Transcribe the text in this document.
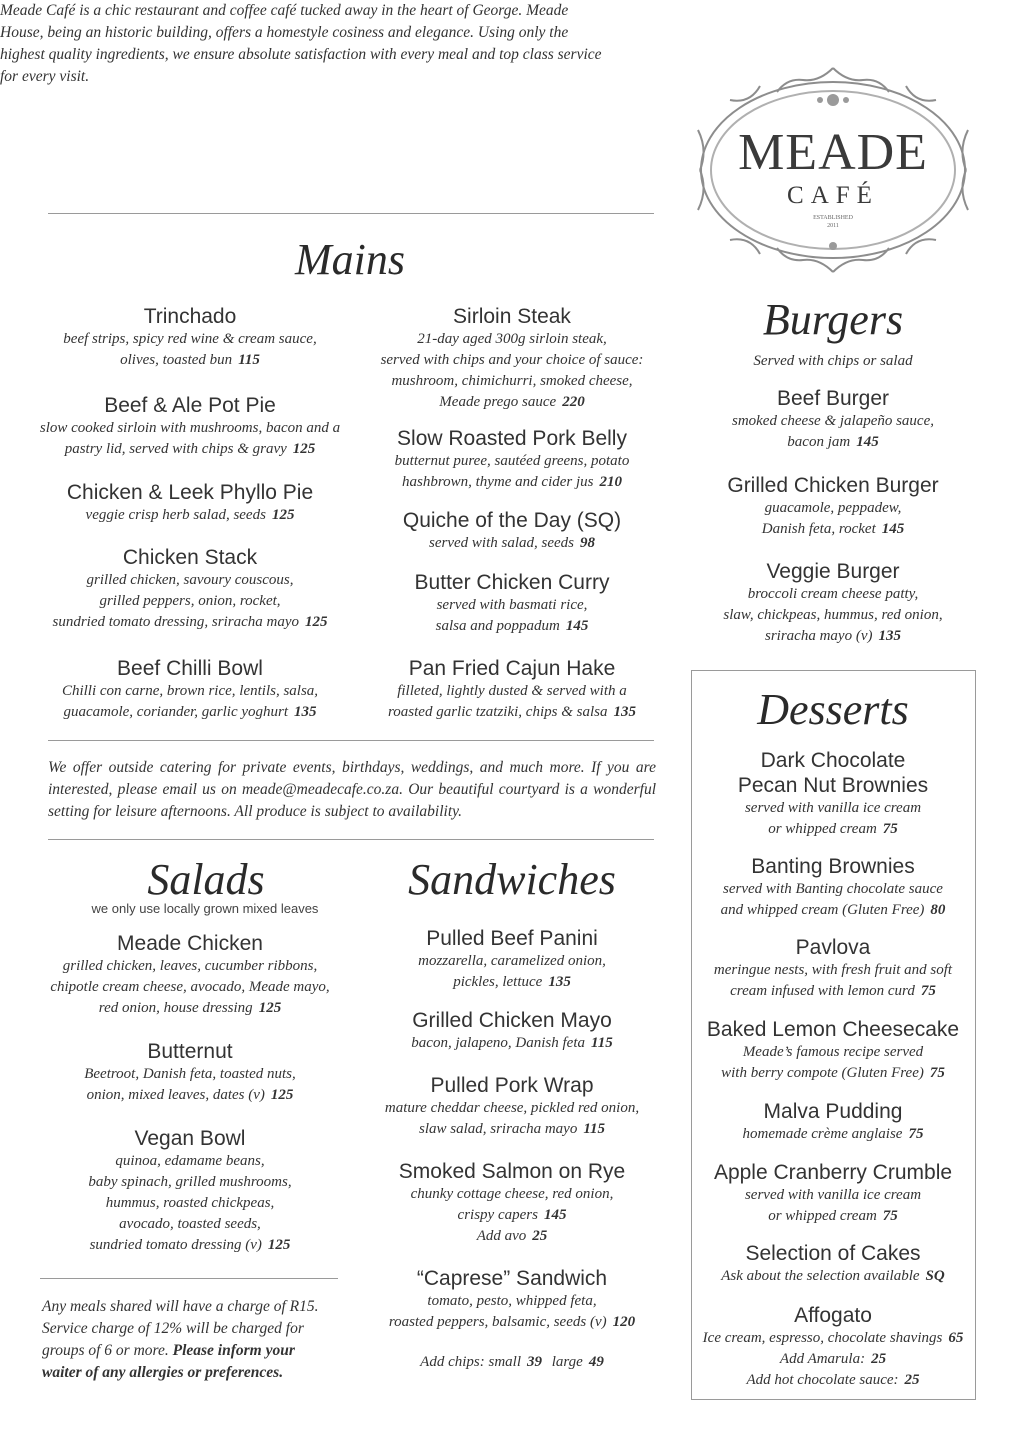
MEADE
CAFÉ
ESTABLISHED
2011
Meade Café is a chic restaurant and coffee café tucked away in the heart of George. Meade House, being an historic building, offers a homestyle cosiness and elegance. Using only the highest quality ingredients, we ensure absolute satisfaction with every meal and top class service for every visit.
Mains
Burgers
Served with chips or salad
Trinchado
beef strips, spicy red wine & cream sauce,
olives, toasted bun 115
Beef & Ale Pot Pie
slow cooked sirloin with mushrooms, bacon and a
pastry lid, served with chips & gravy 125
Chicken & Leek Phyllo Pie
veggie crisp herb salad, seeds 125
Chicken Stack
grilled chicken, savoury couscous,
grilled peppers, onion, rocket,
sundried tomato dressing, sriracha mayo 125
Beef Chilli Bowl
Chilli con carne, brown rice, lentils, salsa,
guacamole, coriander, garlic yoghurt 135
Sirloin Steak
21-day aged 300g sirloin steak,
served with chips and your choice of sauce:
mushroom, chimichurri, smoked cheese,
Meade prego sauce 220
Slow Roasted Pork Belly
butternut puree, sautéed greens, potato
hashbrown, thyme and cider jus 210
Quiche of the Day (SQ)
served with salad, seeds 98
Butter Chicken Curry
served with basmati rice,
salsa and poppadum 145
Pan Fried Cajun Hake
filleted, lightly dusted & served with a
roasted garlic tzatziki, chips & salsa 135
Beef Burger
smoked cheese & jalapeño sauce,
bacon jam 145
Grilled Chicken Burger
guacamole, peppadew,
Danish feta, rocket 145
Veggie Burger
broccoli cream cheese patty,
slaw, chickpeas, hummus, red onion,
sriracha mayo (v) 135
We offer outside catering for private events, birthdays, weddings, and much more. If you are interested, please email us on meade@meadecafe.co.za. Our beautiful courtyard is a wonderful setting for leisure afternoons. All produce is subject to availability.
Salads
we only use locally grown mixed leaves
Sandwiches
Meade Chicken
grilled chicken, leaves, cucumber ribbons,
chipotle cream cheese, avocado, Meade mayo,
red onion, house dressing 125
Butternut
Beetroot, Danish feta, toasted nuts,
onion, mixed leaves, dates (v) 125
Vegan Bowl
quinoa, edamame beans,
baby spinach, grilled mushrooms,
hummus, roasted chickpeas,
avocado, toasted seeds,
sundried tomato dressing (v) 125
Pulled Beef Panini
mozzarella, caramelized onion,
pickles, lettuce 135
Grilled Chicken Mayo
bacon, jalapeno, Danish feta 115
Pulled Pork Wrap
mature cheddar cheese, pickled red onion,
slaw salad, sriracha mayo 115
Smoked Salmon on Rye
chunky cottage cheese, red onion,
crispy capers 145
Add avo 25
“Caprese” Sandwich
tomato, pesto, whipped feta,
roasted peppers, balsamic, seeds (v) 120
Any meals shared will have a charge of R15. Service charge of 12% will be charged for groups of 6 or more. Please inform your waiter of any allergies or preferences.
Desserts
Dark Chocolate
Pecan Nut Brownies
served with vanilla ice cream
or whipped cream 75
Banting Brownies
served with Banting chocolate sauce
and whipped cream (Gluten Free) 80
Pavlova
meringue nests, with fresh fruit and soft
cream infused with lemon curd 75
Baked Lemon Cheesecake
Meade’s famous recipe served
with berry compote (Gluten Free) 75
Malva Pudding
homemade crème anglaise 75
Apple Cranberry Crumble
served with vanilla ice cream
or whipped cream 75
Selection of Cakes
Ask about the selection available SQ
Affogato
Ice cream, espresso, chocolate shavings 65
Add Amarula: 25
Add hot chocolate sauce: 25
Add chips: small 39 large 49
